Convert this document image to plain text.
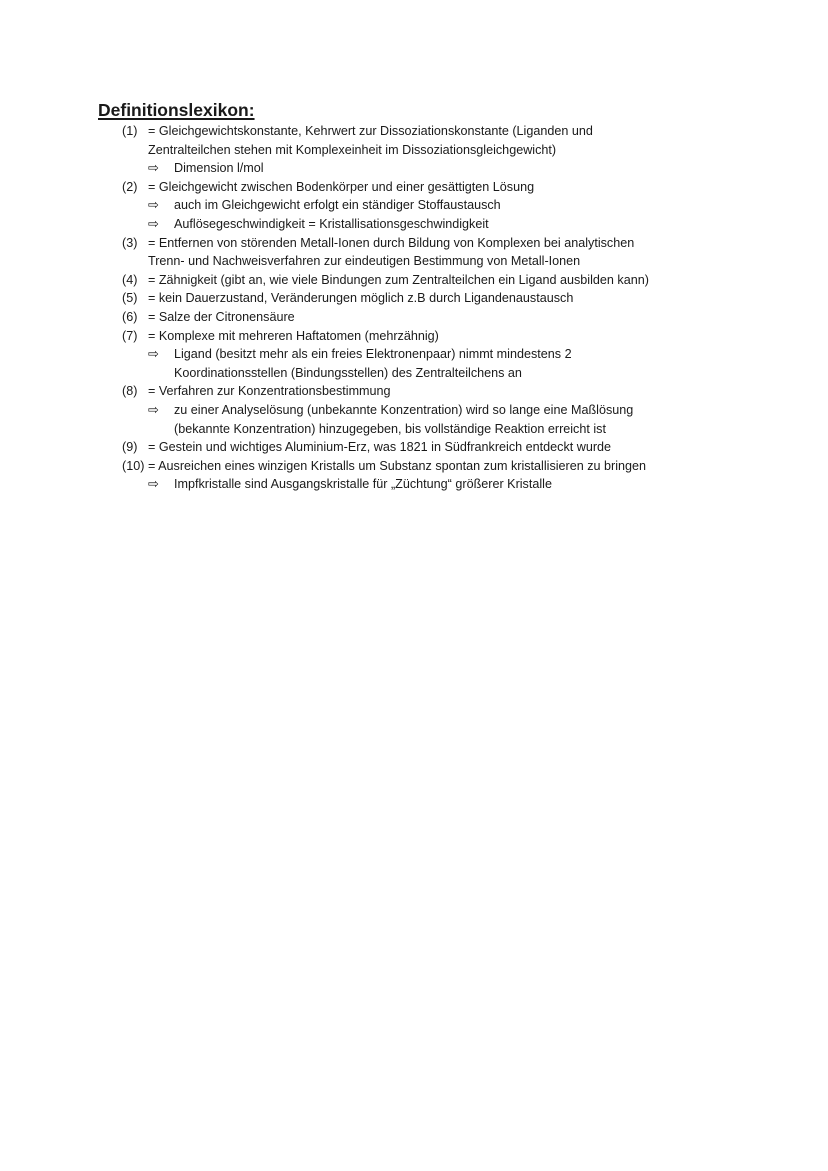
Definitionslexikon:
(1) = Gleichgewichtskonstante, Kehrwert zur Dissoziationskonstante (Liganden und
Zentralteilchen stehen mit Komplexeinheit im Dissoziationsgleichgewicht)
⇨ Dimension l/mol
(2) = Gleichgewicht zwischen Bodenkörper und einer gesättigten Lösung
⇨ auch im Gleichgewicht erfolgt ein ständiger Stoffaustausch
⇨ Auflösegeschwindigkeit = Kristallisationsgeschwindigkeit
(3) = Entfernen von störenden Metall-Ionen durch Bildung von Komplexen bei analytischen
Trenn- und Nachweisverfahren zur eindeutigen Bestimmung von Metall-Ionen
(4) = Zähnigkeit (gibt an, wie viele Bindungen zum Zentralteilchen ein Ligand ausbilden kann)
(5) = kein Dauerzustand, Veränderungen möglich z.B durch Ligandenaustausch
(6) = Salze der Citronensäure
(7) = Komplexe mit mehreren Haftatomen (mehrzähnig)
⇨ Ligand (besitzt mehr als ein freies Elektronenpaar) nimmt mindestens 2
Koordinationsstellen (Bindungsstellen) des Zentralteilchens an
(8) = Verfahren zur Konzentrationsbestimmung
⇨ zu einer Analyselösung (unbekannte Konzentration) wird so lange eine Maßlösung
(bekannte Konzentration) hinzugegeben, bis vollständige Reaktion erreicht ist
(9) = Gestein und wichtiges Aluminium-Erz, was 1821 in Südfrankreich entdeckt wurde
(10) = Ausreichen eines winzigen Kristalls um Substanz spontan zum kristallisieren zu bringen
⇨ Impfkristalle sind Ausgangskristalle für „Züchtung“ größerer Kristalle
